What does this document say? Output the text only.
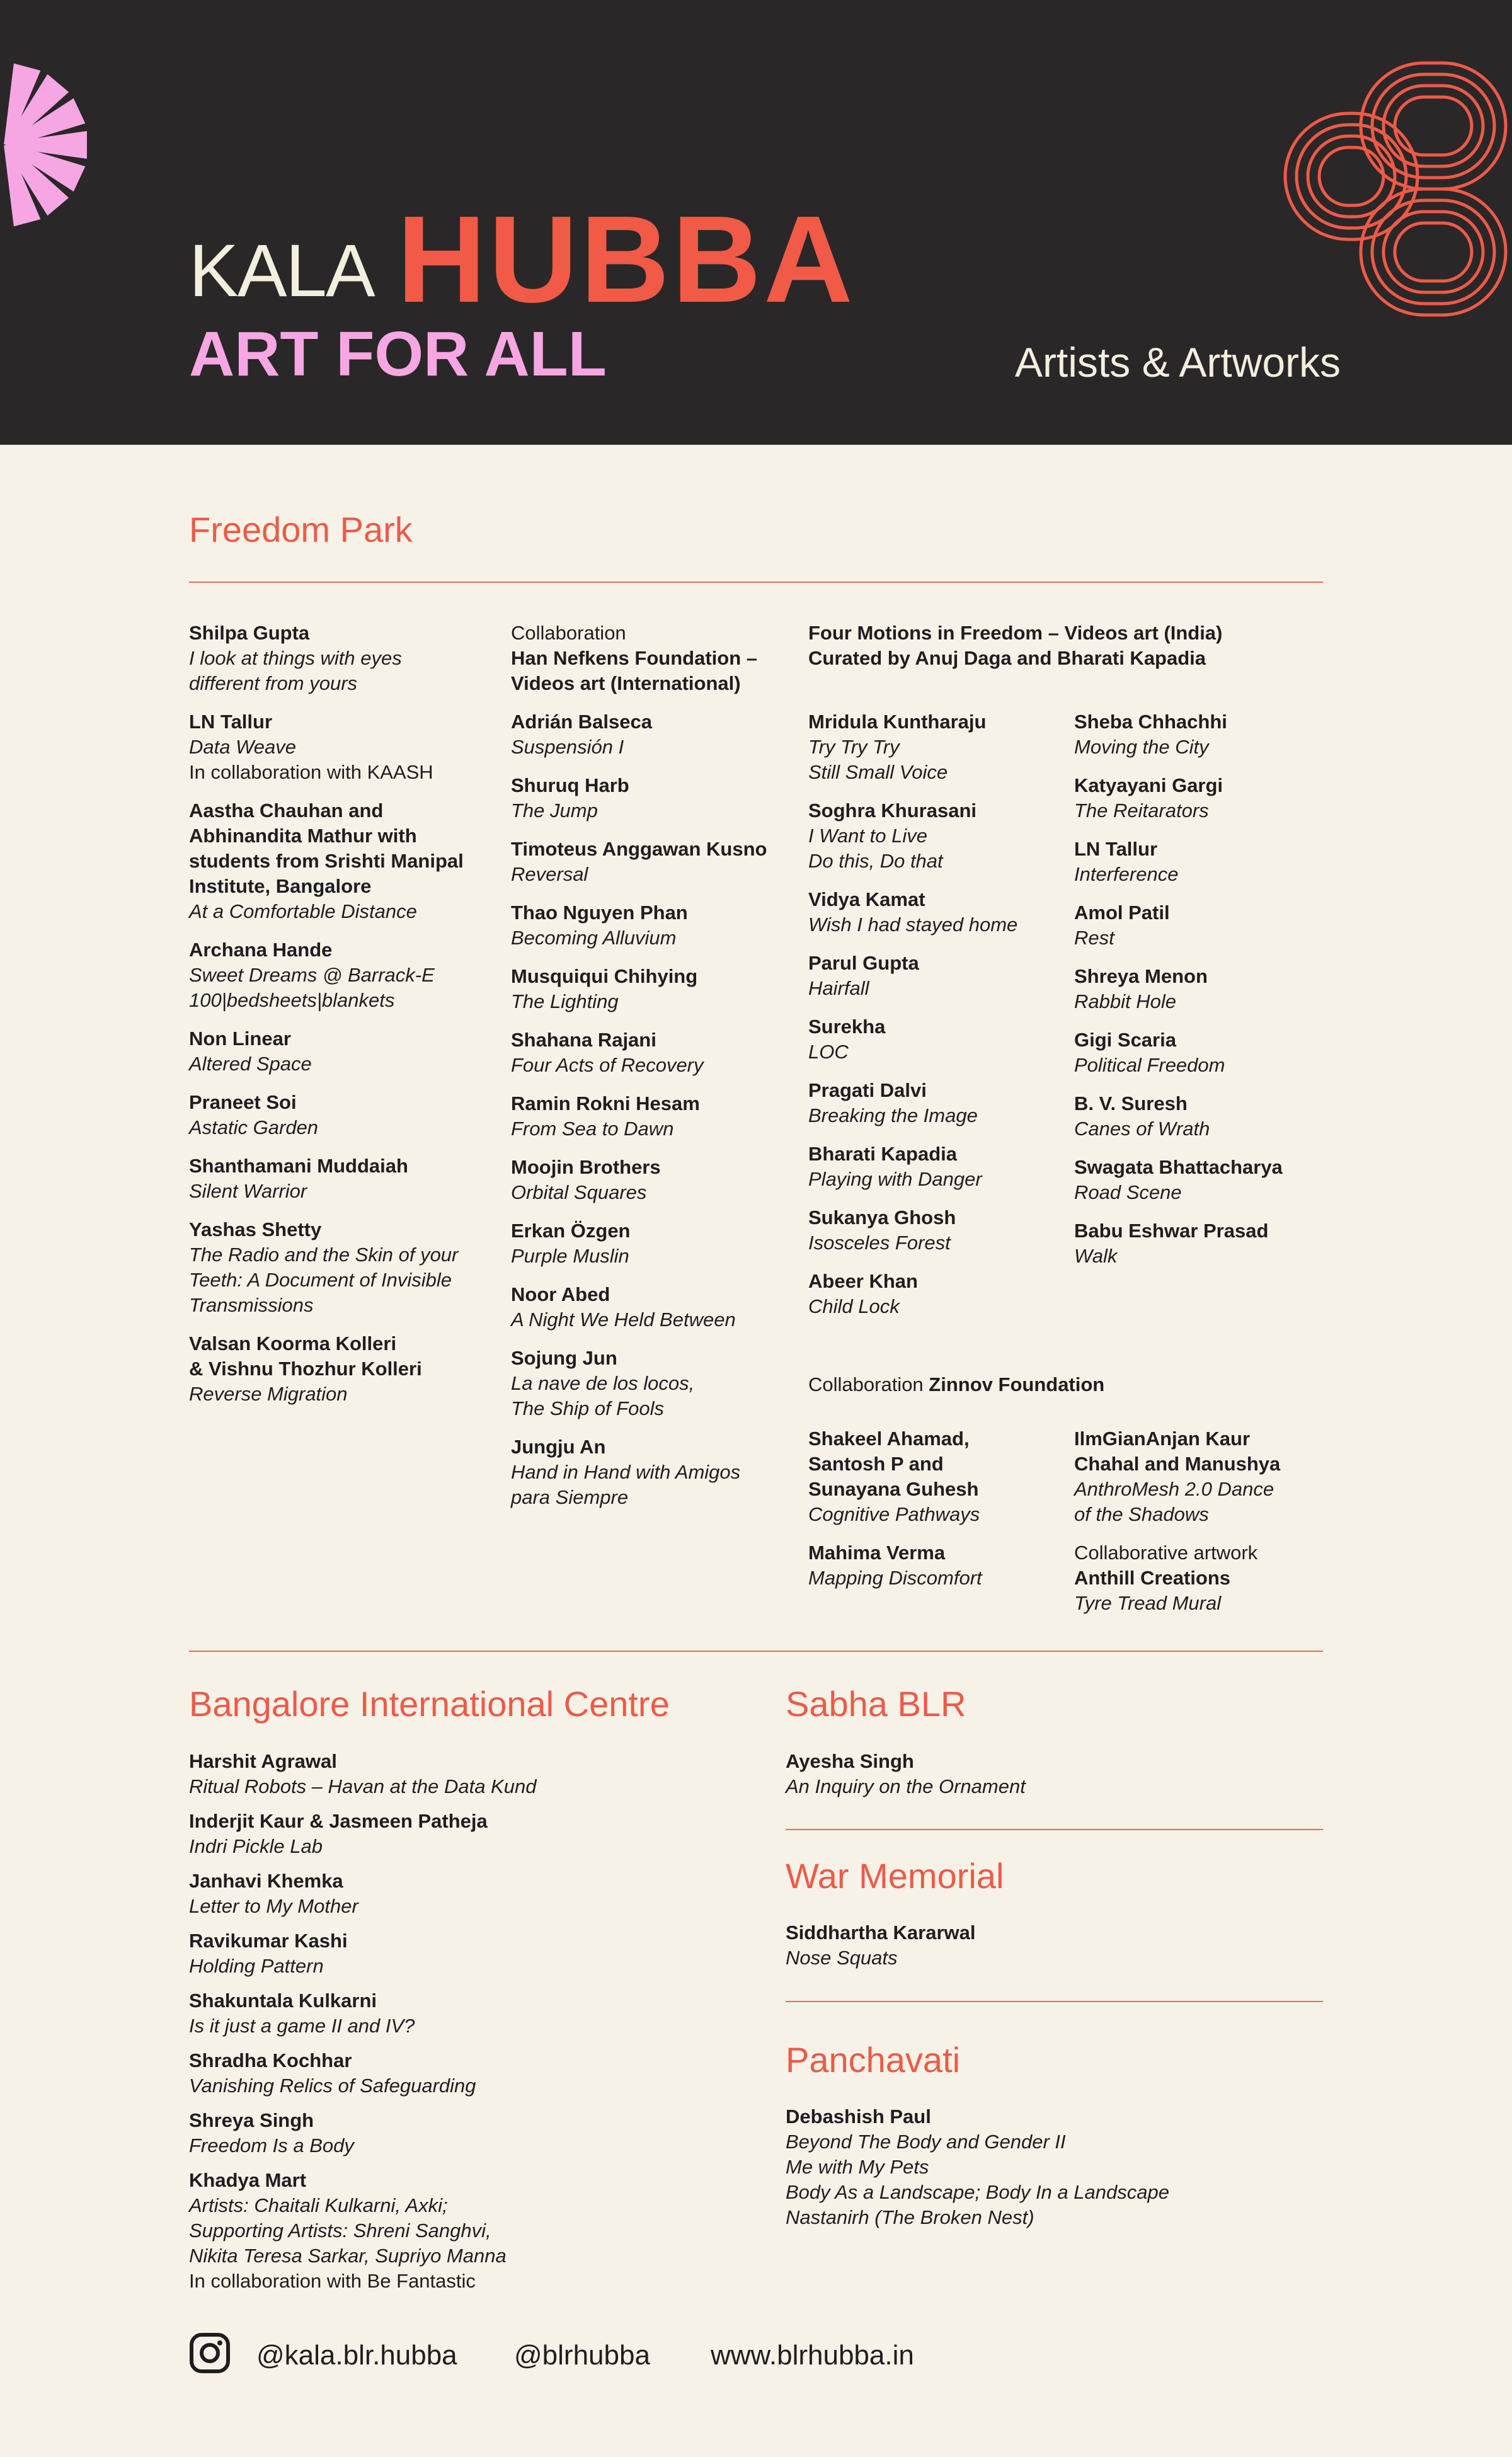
KALA HUBBA
ART FOR ALL	Artists & Artworks
Freedom Park
Shilpa Gupta
I look at things with eyes
different from yours
LN Tallur
Data Weave
In collaboration with KAASH
Aastha Chauhan and
Abhinandita Mathur with
students from Srishti Manipal
Institute, Bangalore
At a Comfortable Distance
Archana Hande
Sweet Dreams @ Barrack-E
100|bedsheets|blankets
Non Linear
Altered Space
Praneet Soi
Astatic Garden
Shanthamani Muddaiah
Silent Warrior
Yashas Shetty
The Radio and the Skin of your
Teeth: A Document of Invisible
Transmissions
Valsan Koorma Kolleri
& Vishnu Thozhur Kolleri
Reverse Migration
Collaboration
Han Nefkens Foundation –
Videos art (International)
Adrián Balseca
Suspensión I
Shuruq Harb
The Jump
Timoteus Anggawan Kusno
Reversal
Thao Nguyen Phan
Becoming Alluvium
Musquiqui Chihying
The Lighting
Shahana Rajani
Four Acts of Recovery
Ramin Rokni Hesam
From Sea to Dawn
Moojin Brothers
Orbital Squares
Erkan Özgen
Purple Muslin
Noor Abed
A Night We Held Between
Sojung Jun
La nave de los locos,
The Ship of Fools
Jungju An
Hand in Hand with Amigos
para Siempre
Four Motions in Freedom – Videos art (India)
Curated by Anuj Daga and Bharati Kapadia
Mridula Kuntharaju
Try Try Try
Still Small Voice
Soghra Khurasani
I Want to Live
Do this, Do that
Vidya Kamat
Wish I had stayed home
Parul Gupta
Hairfall
Surekha
LOC
Pragati Dalvi
Breaking the Image
Bharati Kapadia
Playing with Danger
Sukanya Ghosh
Isosceles Forest
Abeer Khan
Child Lock
Sheba Chhachhi
Moving the City
Katyayani Gargi
The Reitarators
LN Tallur
Interference
Amol Patil
Rest
Shreya Menon
Rabbit Hole
Gigi Scaria
Political Freedom
B. V. Suresh
Canes of Wrath
Swagata Bhattacharya
Road Scene
Babu Eshwar Prasad
Walk
Collaboration Zinnov Foundation
Shakeel Ahamad,
Santosh P and
Sunayana Guhesh
Cognitive Pathways
Mahima Verma
Mapping Discomfort
IlmGianAnjan Kaur
Chahal and Manushya
AnthroMesh 2.0 Dance
of the Shadows
Collaborative artwork
Anthill Creations
Tyre Tread Mural
Bangalore International Centre
Harshit Agrawal
Ritual Robots – Havan at the Data Kund
Inderjit Kaur & Jasmeen Patheja
Indri Pickle Lab
Janhavi Khemka
Letter to My Mother
Ravikumar Kashi
Holding Pattern
Shakuntala Kulkarni
Is it just a game II and IV?
Shradha Kochhar
Vanishing Relics of Safeguarding
Shreya Singh
Freedom Is a Body
Khadya Mart
Artists: Chaitali Kulkarni, Axki;
Supporting Artists: Shreni Sanghvi,
Nikita Teresa Sarkar, Supriyo Manna
In collaboration with Be Fantastic
Sabha BLR
Ayesha Singh
An Inquiry on the Ornament
War Memorial
Siddhartha Kararwal
Nose Squats
Panchavati
Debashish Paul
Beyond The Body and Gender II
Me with My Pets
Body As a Landscape; Body In a Landscape
Nastanirh (The Broken Nest)
@kala.blr.hubba @blrhubba www.blrhubba.in
